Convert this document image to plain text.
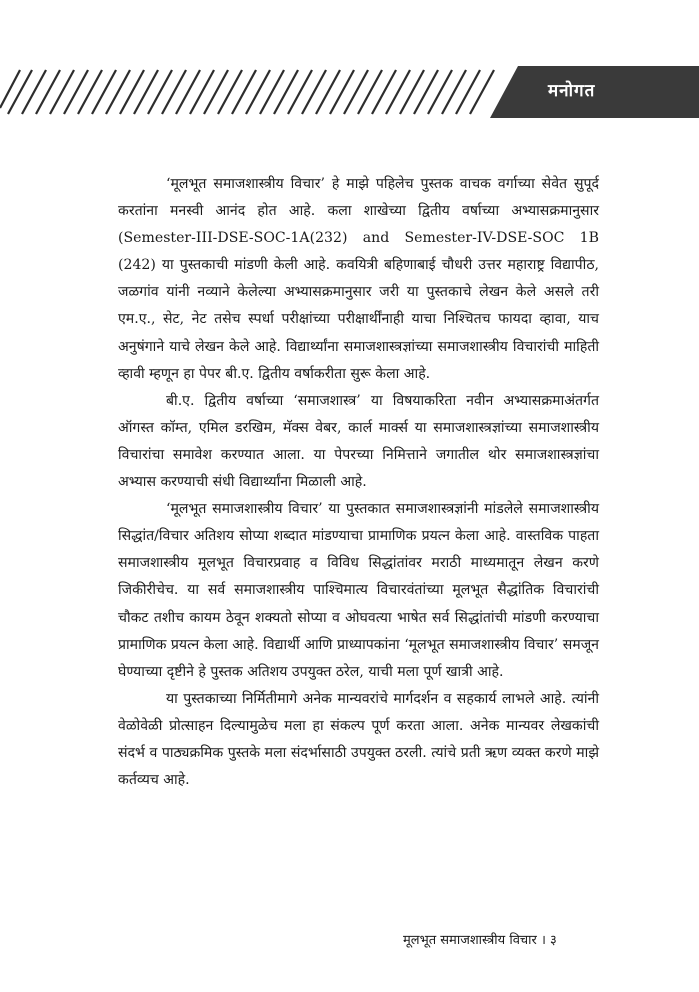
मनोगत

‘मूलभूत समाजशास्त्रीय विचार’ हे माझे पहिलेच पुस्तक वाचक वर्गाच्या सेवेत सुपूर्द करतांना मनस्वी आनंद होत आहे. कला शाखेच्या द्वितीय वर्षाच्या अभ्यासक्रमानुसार (Semester-III-DSE-SOC-1A(232) and Semester-IV-DSE-SOC 1B (242) या पुस्तकाची मांडणी केली आहे. कवयित्री बहिणाबाई चौधरी उत्तर महाराष्ट्र विद्यापीठ, जळगांव यांनी नव्याने केलेल्या अभ्यासक्रमानुसार जरी या पुस्तकाचे लेखन केले असले तरी एम.ए., सेट, नेट तसेच स्पर्धा परीक्षांच्या परीक्षार्थींनाही याचा निश्चितच फायदा व्हावा, याच अनुषंगाने याचे लेखन केले आहे. विद्यार्थ्यांना समाजशास्त्रज्ञांच्या समाजशास्त्रीय विचारांची माहिती व्हावी म्हणून हा पेपर बी.ए. द्वितीय वर्षाकरीता सुरू केला आहे.

बी.ए. द्वितीय वर्षाच्या ‘समाजशास्त्र’ या विषयाकरिता नवीन अभ्यासक्रमाअंतर्गत ऑगस्त कॉम्त, एमिल डरखिम, मॅक्स वेबर, कार्ल मार्क्स या समाजशास्त्रज्ञांच्या समाजशास्त्रीय विचारांचा समावेश करण्यात आला. या पेपरच्या निमित्ताने जगातील थोर समाजशास्त्रज्ञांचा अभ्यास करण्याची संधी विद्यार्थ्यांना मिळाली आहे.

‘मूलभूत समाजशास्त्रीय विचार’ या पुस्तकात समाजशास्त्रज्ञांनी मांडलेले समाजशास्त्रीय सिद्धांत/विचार अतिशय सोप्या शब्दात मांडण्याचा प्रामाणिक प्रयत्न केला आहे. वास्तविक पाहता समाजशास्त्रीय मूलभूत विचारप्रवाह व विविध सिद्धांतांवर मराठी माध्यमातून लेखन करणे जिकीरीचेच. या सर्व समाजशास्त्रीय पाश्चिमात्य विचारवंतांच्या मूलभूत सैद्धांतिक विचारांची चौकट तशीच कायम ठेवून शक्यतो सोप्या व ओघवत्या भाषेत सर्व सिद्धांतांची मांडणी करण्याचा प्रामाणिक प्रयत्न केला आहे. विद्यार्थी आणि प्राध्यापकांना ‘मूलभूत समाजशास्त्रीय विचार’ समजून घेण्याच्या दृष्टीने हे पुस्तक अतिशय उपयुक्त ठरेल, याची मला पूर्ण खात्री आहे.

या पुस्तकाच्या निर्मितीमागे अनेक मान्यवरांचे मार्गदर्शन व सहकार्य लाभले आहे. त्यांनी वेळोवेळी प्रोत्साहन दिल्यामुळेच मला हा संकल्प पूर्ण करता आला. अनेक मान्यवर लेखकांची संदर्भ व पाठ्यक्रमिक पुस्तके मला संदर्भासाठी उपयुक्त ठरली. त्यांचे प्रती ऋण व्यक्त करणे माझे कर्तव्यच आहे.

मूलभूत समाजशास्त्रीय विचार । ३
